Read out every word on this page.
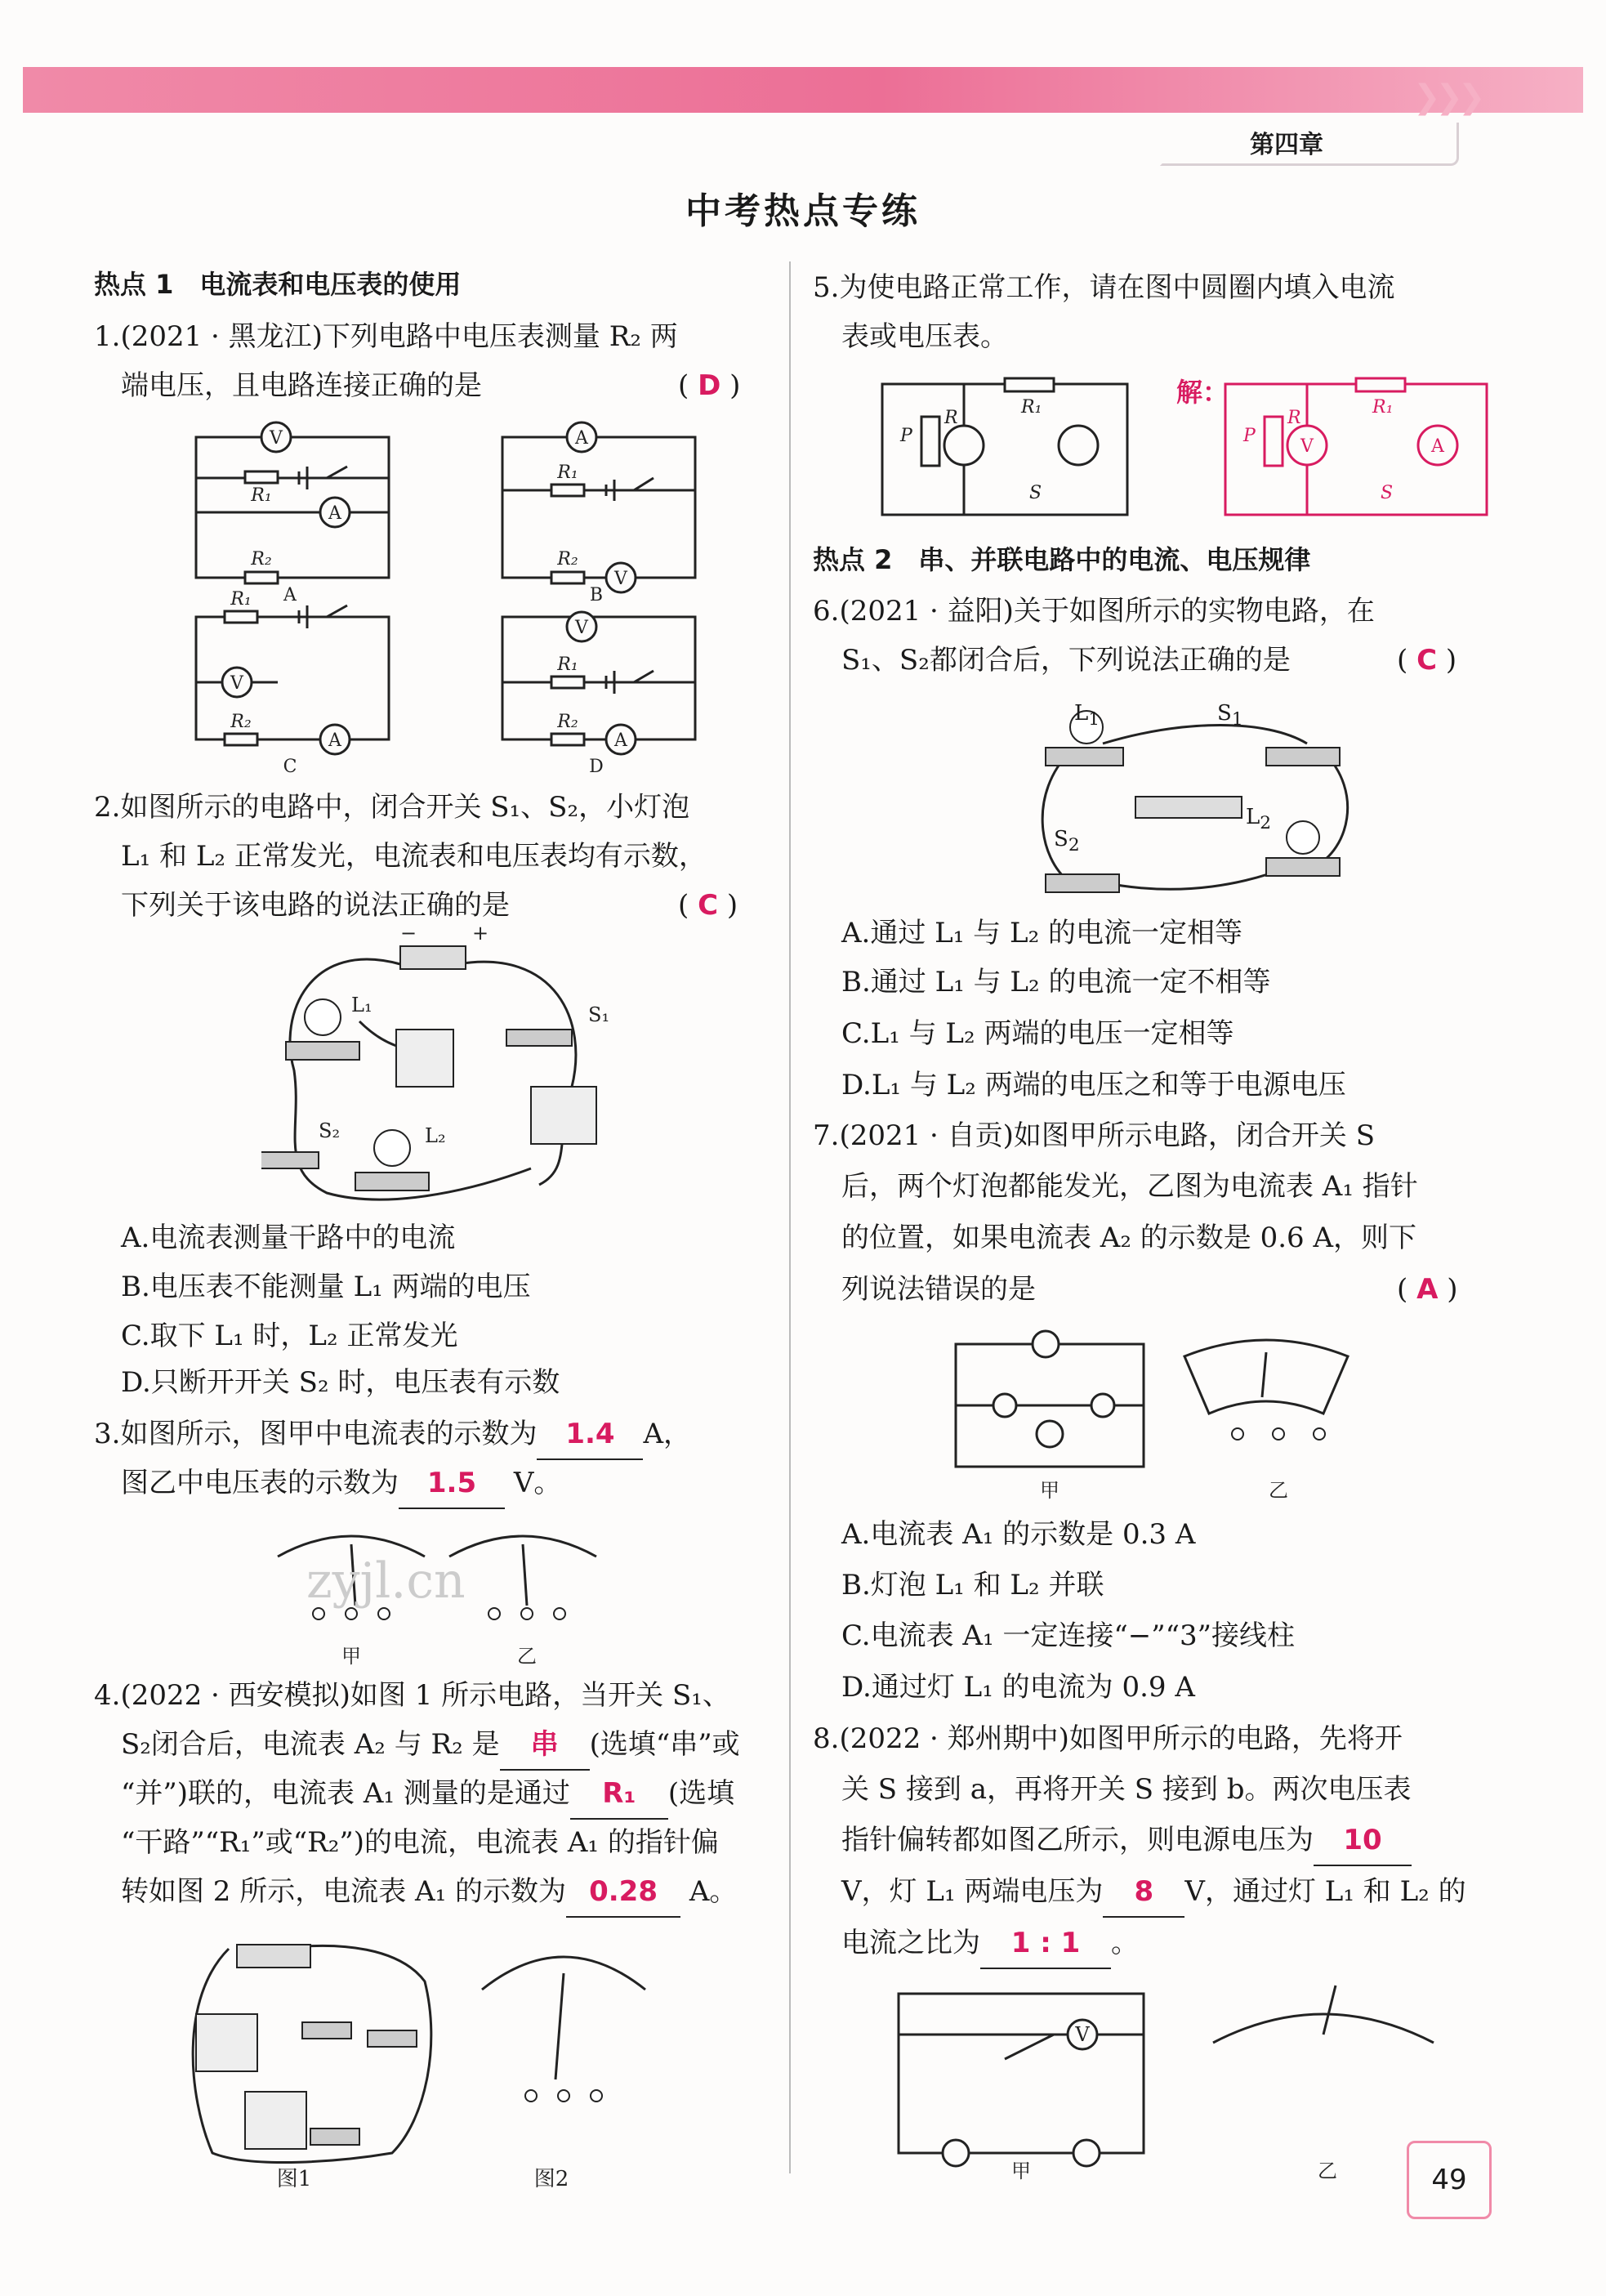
❯❯❯
第四章
中考热点专练
热点 1　电流表和电压表的使用
1.(2021 · 黑龙江)下列电路中电压表测量 R₂ 两
端电压，且电路连接正确的是	( D )
V
A
A
V
V
A
V
A
R₁
R₂
R₁
R₂
R₁
R₂
R₁
R₂
A	B
C	D
2.如图所示的电路中，闭合开关 S₁、S₂，小灯泡
L₁ 和 L₂ 正常发光，电流表和电压表均有示数，
下列关于该电路的说法正确的是	( C )
−	+
L₁	S₁
S₂	L₂
A.电流表测量干路中的电流
B.电压表不能测量 L₁ 两端的电压
C.取下 L₁ 时，L₂ 正常发光
D.只断开开关 S₂ 时，电压表有示数
3.如图所示，图甲中电流表的示数为 1.4 A，
图乙中电压表的示数为 1.5 V。
zyjl.cn
甲	乙
4.(2022 · 西安模拟)如图 1 所示电路，当开关 S₁、
S₂闭合后，电流表 A₂ 与 R₂ 是 串 (选填“串”或
“并”)联的，电流表 A₁ 测量的是通过 R₁ (选填
“干路”“R₁”或“R₂”)的电流，电流表 A₁ 的指针偏
转如图 2 所示，电流表 A₁ 的示数为 0.28 A。
图1	图2
5.为使电路正常工作，请在图中圆圈内填入电流
表或电压表。
P
R
R₁
S
解：
V	A
P
R
R₁
S
热点 2　串、并联电路中的电流、电压规律
6.(2021 · 益阳)关于如图所示的实物电路，在
S₁、S₂都闭合后，下列说法正确的是	( C )
$L_1$	$S_1$
$L_2$
$S_2$
A.通过 L₁ 与 L₂ 的电流一定相等
B.通过 L₁ 与 L₂ 的电流一定不相等
C.L₁ 与 L₂ 两端的电压一定相等
D.L₁ 与 L₂ 两端的电压之和等于电源电压
7.(2021 · 自贡)如图甲所示电路，闭合开关 S
后，两个灯泡都能发光，乙图为电流表 A₁ 指针
的位置，如果电流表 A₂ 的示数是 0.6 A，则下
列说法错误的是	( A )
甲	乙
A.电流表 A₁ 的示数是 0.3 A
B.灯泡 L₁ 和 L₂ 并联
C.电流表 A₁ 一定连接“−”“3”接线柱
D.通过灯 L₁ 的电流为 0.9 A
8.(2022 · 郑州期中)如图甲所示的电路，先将开
关 S 接到 a，再将开关 S 接到 b。两次电压表
指针偏转都如图乙所示，则电源电压为 10
V，灯 L₁ 两端电压为 8 V，通过灯 L₁ 和 L₂ 的
电流之比为 1 : 1 。
V
甲	乙	49
